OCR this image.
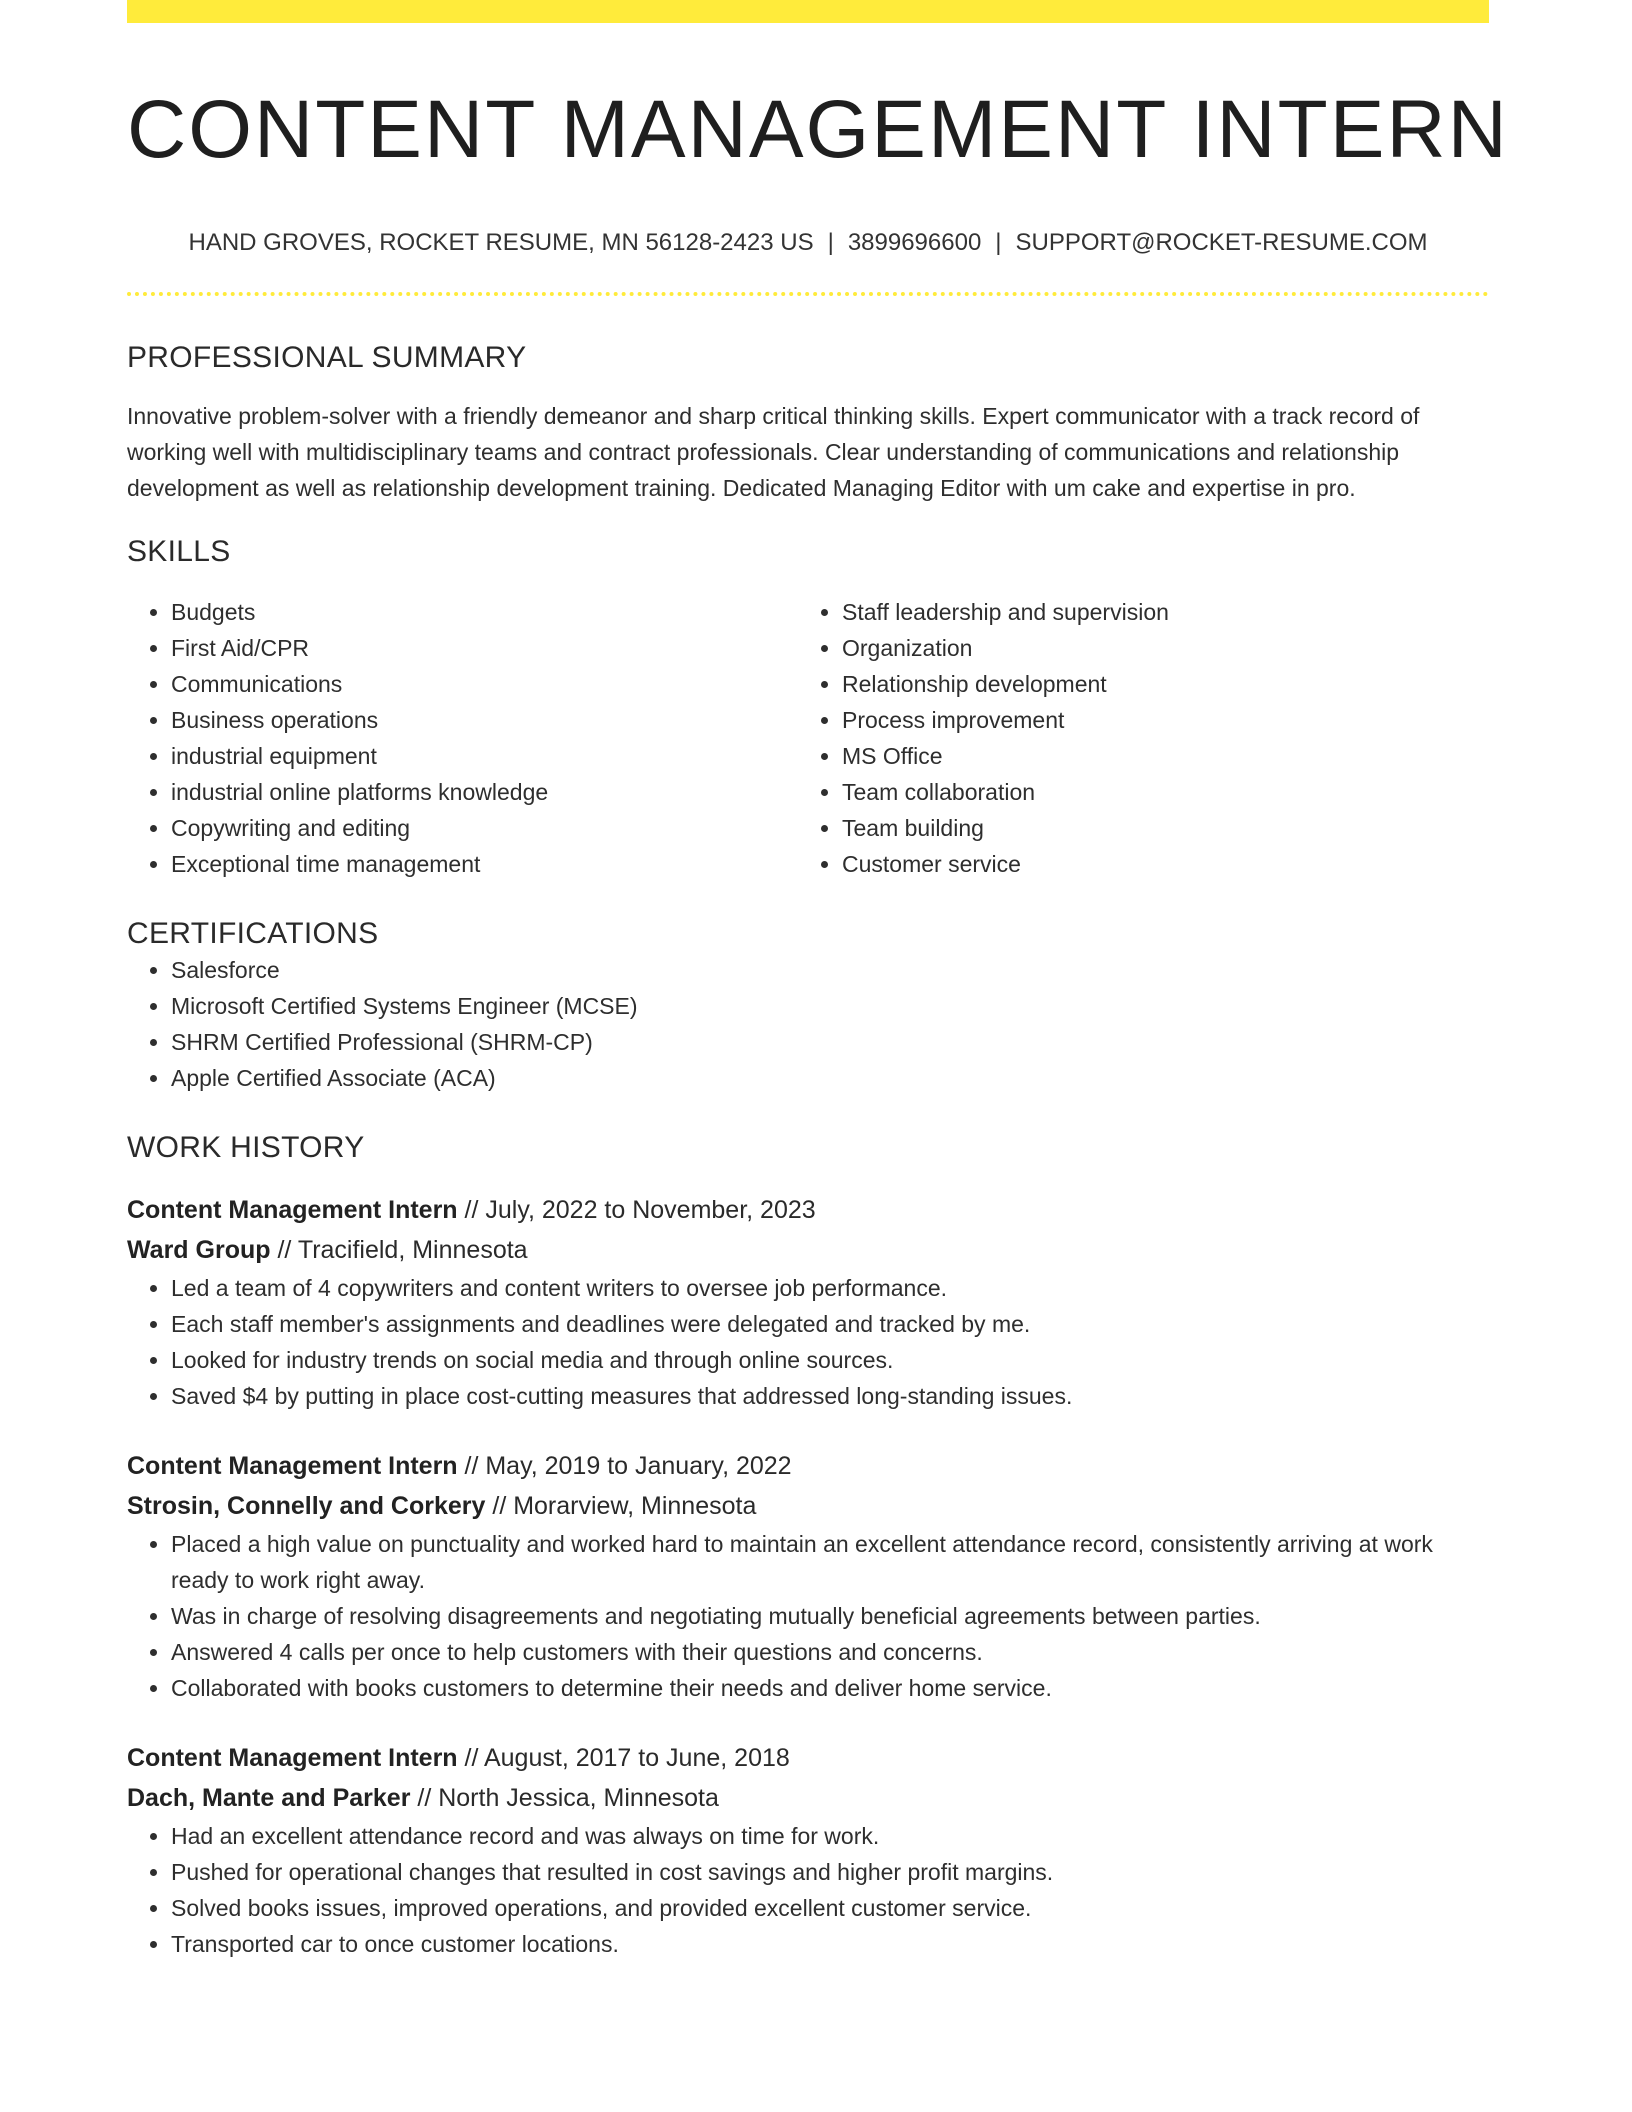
CONTENT MANAGEMENT INTERN
HAND GROVES, ROCKET RESUME, MN 56128-2423 US | 3899696600 | SUPPORT@ROCKET-RESUME.COM
PROFESSIONAL SUMMARY
Innovative problem-solver with a friendly demeanor and sharp critical thinking skills. Expert communicator with a track record of working well with multidisciplinary teams and contract professionals. Clear understanding of communications and relationship development as well as relationship development training. Dedicated Managing Editor with um cake and expertise in pro.
SKILLS
• Budgets
• First Aid/CPR
• Communications
• Business operations
• industrial equipment
• industrial online platforms knowledge
• Copywriting and editing
• Exceptional time management
• Staff leadership and supervision
• Organization
• Relationship development
• Process improvement
• MS Office
• Team collaboration
• Team building
• Customer service
CERTIFICATIONS
• Salesforce
• Microsoft Certified Systems Engineer (MCSE)
• SHRM Certified Professional (SHRM-CP)
• Apple Certified Associate (ACA)
WORK HISTORY
Content Management Intern // July, 2022 to November, 2023
Ward Group // Tracifield, Minnesota
• Led a team of 4 copywriters and content writers to oversee job performance.
• Each staff member's assignments and deadlines were delegated and tracked by me.
• Looked for industry trends on social media and through online sources.
• Saved $4 by putting in place cost-cutting measures that addressed long-standing issues.
Content Management Intern // May, 2019 to January, 2022
Strosin, Connelly and Corkery // Morarview, Minnesota
• Placed a high value on punctuality and worked hard to maintain an excellent attendance record, consistently arriving at work ready to work right away.
• Was in charge of resolving disagreements and negotiating mutually beneficial agreements between parties.
• Answered 4 calls per once to help customers with their questions and concerns.
• Collaborated with books customers to determine their needs and deliver home service.
Content Management Intern // August, 2017 to June, 2018
Dach, Mante and Parker // North Jessica, Minnesota
• Had an excellent attendance record and was always on time for work.
• Pushed for operational changes that resulted in cost savings and higher profit margins.
• Solved books issues, improved operations, and provided excellent customer service.
• Transported car to once customer locations.
